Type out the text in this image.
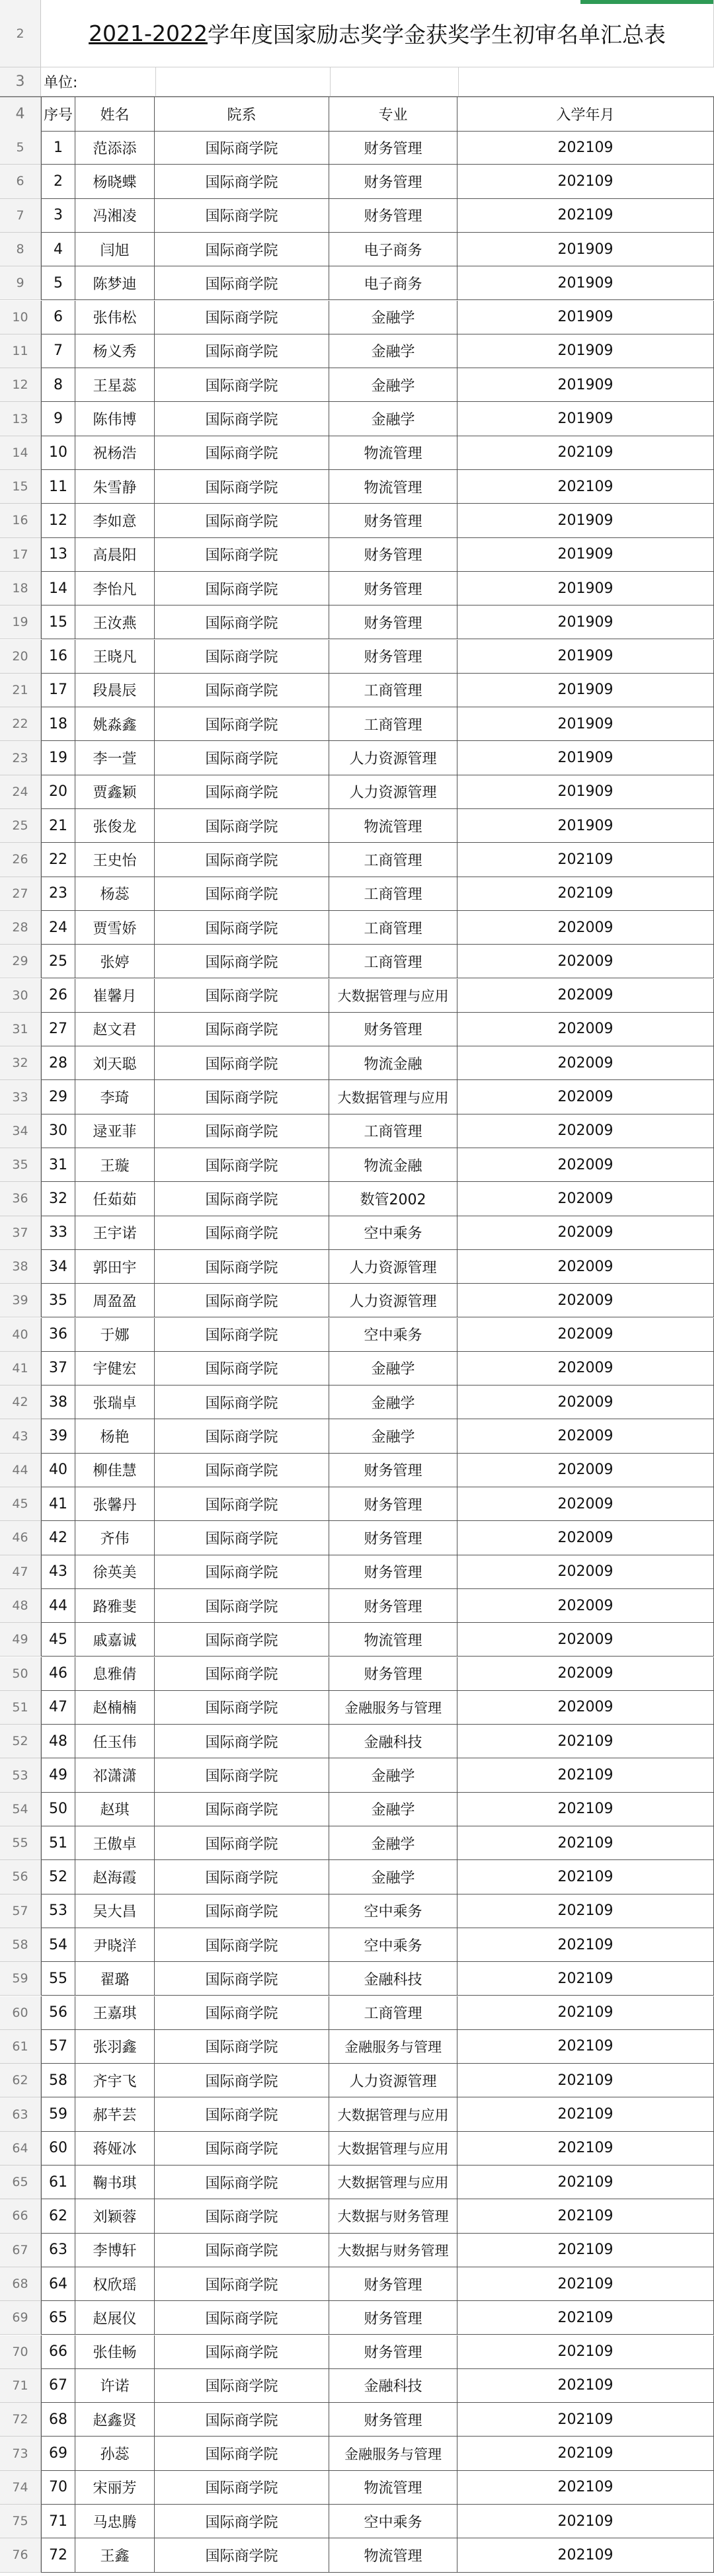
2	2021-2022 学年度国家励志奖学金获奖学生初审名单汇总表
3	单位:
4	序号	姓名	院系	专业	入学年月
5	1	范添添	国际商学院	财务管理	202109
6	2	杨晓蝶	国际商学院	财务管理	202109
7	3	冯湘凌	国际商学院	财务管理	202109
8	4	闫旭	国际商学院	电子商务	201909
9	5	陈梦迪	国际商学院	电子商务	201909
10	6	张伟松	国际商学院	金融学	201909
11	7	杨义秀	国际商学院	金融学	201909
12	8	王星蕊	国际商学院	金融学	201909
13	9	陈伟博	国际商学院	金融学	201909
14	10	祝杨浩	国际商学院	物流管理	202109
15	11	朱雪静	国际商学院	物流管理	202109
16	12	李如意	国际商学院	财务管理	201909
17	13	高晨阳	国际商学院	财务管理	201909
18	14	李怡凡	国际商学院	财务管理	201909
19	15	王汝燕	国际商学院	财务管理	201909
20	16	王晓凡	国际商学院	财务管理	201909
21	17	段晨辰	国际商学院	工商管理	201909
22	18	姚淼鑫	国际商学院	工商管理	201909
23	19	李一萱	国际商学院	人力资源管理	201909
24	20	贾鑫颖	国际商学院	人力资源管理	201909
25	21	张俊龙	国际商学院	物流管理	201909
26	22	王史怡	国际商学院	工商管理	202109
27	23	杨蕊	国际商学院	工商管理	202109
28	24	贾雪娇	国际商学院	工商管理	202009
29	25	张婷	国际商学院	工商管理	202009
30	26	崔馨月	国际商学院	大数据管理与应用	202009
31	27	赵文君	国际商学院	财务管理	202009
32	28	刘天聪	国际商学院	物流金融	202009
33	29	李琦	国际商学院	大数据管理与应用	202009
34	30	逯亚菲	国际商学院	工商管理	202009
35	31	王璇	国际商学院	物流金融	202009
36	32	任茹茹	国际商学院	数管2002	202009
37	33	王宇诺	国际商学院	空中乘务	202009
38	34	郭田宇	国际商学院	人力资源管理	202009
39	35	周盈盈	国际商学院	人力资源管理	202009
40	36	于娜	国际商学院	空中乘务	202009
41	37	宇健宏	国际商学院	金融学	202009
42	38	张瑞卓	国际商学院	金融学	202009
43	39	杨艳	国际商学院	金融学	202009
44	40	柳佳慧	国际商学院	财务管理	202009
45	41	张馨丹	国际商学院	财务管理	202009
46	42	齐伟	国际商学院	财务管理	202009
47	43	徐英美	国际商学院	财务管理	202009
48	44	路雅斐	国际商学院	财务管理	202009
49	45	戚嘉诚	国际商学院	物流管理	202009
50	46	息雅倩	国际商学院	财务管理	202009
51	47	赵楠楠	国际商学院	金融服务与管理	202009
52	48	任玉伟	国际商学院	金融科技	202109
53	49	祁潇潇	国际商学院	金融学	202109
54	50	赵琪	国际商学院	金融学	202109
55	51	王傲卓	国际商学院	金融学	202109
56	52	赵海霞	国际商学院	金融学	202109
57	53	吴大昌	国际商学院	空中乘务	202109
58	54	尹晓洋	国际商学院	空中乘务	202109
59	55	翟璐	国际商学院	金融科技	202109
60	56	王嘉琪	国际商学院	工商管理	202109
61	57	张羽鑫	国际商学院	金融服务与管理	202109
62	58	齐宇飞	国际商学院	人力资源管理	202109
63	59	郝芊芸	国际商学院	大数据管理与应用	202109
64	60	蒋娅冰	国际商学院	大数据管理与应用	202109
65	61	鞠书琪	国际商学院	大数据管理与应用	202109
66	62	刘颖蓉	国际商学院	大数据与财务管理	202109
67	63	李博轩	国际商学院	大数据与财务管理	202109
68	64	权欣瑶	国际商学院	财务管理	202109
69	65	赵展仪	国际商学院	财务管理	202109
70	66	张佳畅	国际商学院	财务管理	202109
71	67	许诺	国际商学院	金融科技	202109
72	68	赵鑫贤	国际商学院	财务管理	202109
73	69	孙蕊	国际商学院	金融服务与管理	202109
74	70	宋丽芳	国际商学院	物流管理	202109
75	71	马忠腾	国际商学院	空中乘务	202109
76	72	王鑫	国际商学院	物流管理	202109
